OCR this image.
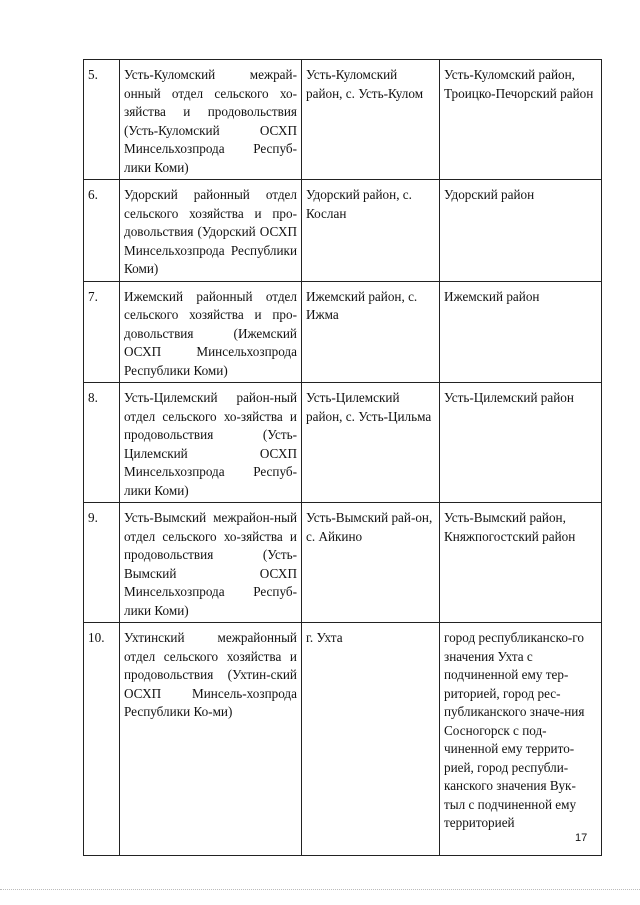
5.	Усть-Куломский межрай-онный отдел сельского хо-зяйства и продовольствия (Усть-Куломский ОСХП Минсельхозпрода Респуб-лики Коми)	Усть-Куломский район, с. Усть-Кулом	Усть-Куломский район, Троицко-Печорский район
6.	Удорский районный отдел сельского хозяйства и про-довольствия (Удорский ОСХП Минсельхозпрода Республики Коми)	Удорский район, с. Кослан	Удорский район
7.	Ижемский районный отдел сельского хозяйства и про-довольствия (Ижемский ОСХП Минсельхозпрода Республики Коми)	Ижемский район, с. Ижма	Ижемский район
8.	Усть-Цилемский район-ный отдел сельского хо-зяйства и продовольствия (Усть-Цилемский ОСХП Минсельхозпрода Респуб-лики Коми)	Усть-Цилемский район, с. Усть-Цильма	Усть-Цилемский район
9.	Усть-Вымский межрайон-ный отдел сельского хо-зяйства и продовольствия (Усть-Вымский ОСХП Минсельхозпрода Респуб-лики Коми)	Усть-Вымский рай-он, с. Айкино	Усть-Вымский район, Княжпогостский район
10.	Ухтинский межрайонный отдел сельского хозяйства и продовольствия (Ухтин-ский ОСХП Минсель-хозпрода Республики Ко-ми)	г. Ухта	город республиканско-го значения Ухта с подчиненной ему тер-риторией, город рес-публиканского значе-ния Сосногорск с под-чиненной ему террито-рией, город республи-канского значения Вук-тыл с подчиненной ему территорией
17
